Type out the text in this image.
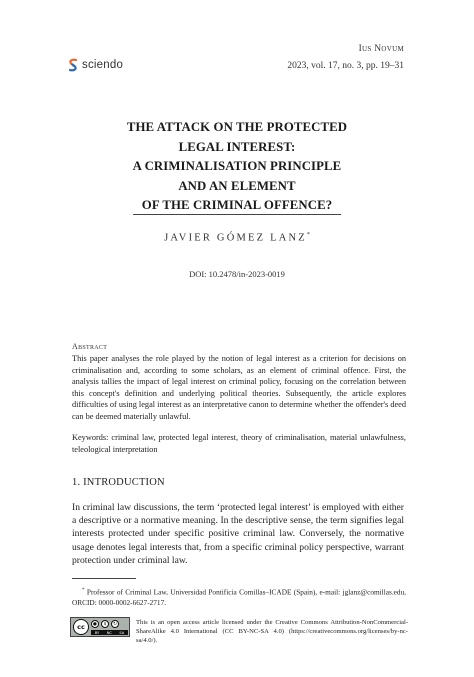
sciendo
Ius Novum
2023, vol. 17, no. 3, pp. 19–31
THE ATTACK ON THE PROTECTED
LEGAL INTEREST:
A CRIMINALISATION PRINCIPLE
AND AN ELEMENT
OF THE CRIMINAL OFFENCE?
JAVIER GÓMEZ LANZ*
DOI: 10.2478/in-2023-0019
Abstract
This paper analyses the role played by the notion of legal interest as a criterion for decisions on criminalisation and, according to some scholars, as an element of criminal offence. First, the analysis tallies the impact of legal interest on criminal policy, focusing on the correlation between this concept's definition and underlying political theories. Subsequently, the article explores difficulties of using legal interest as an interpretative canon to determine whether the offender's deed can be deemed materially unlawful.
Keywords: criminal law, protected legal interest, theory of criminalisation, material unlawfulness, teleological interpretation
1. INTRODUCTION
In criminal law discussions, the term ‘protected legal interest’ is employed with either a descriptive or a normative meaning. In the descriptive sense, the term signifies legal interests protected under specific positive criminal law. Conversely, the normative usage denotes legal interests that, from a specific criminal policy perspective, warrant protection under criminal law.
* Professor of Criminal Law, Universidad Pontificia Comillas–ICADE (Spain), e-mail: jglanz@comillas.edu, ORCID: 0000-0002-6627-2717.
cc	●	$	↻
BY NC SA
This is an open access article licensed under the Creative Commons Attribution-NonCommercial-ShareAlike 4.0 International (CC BY-NC-SA 4.0) (https://creativecommons.org/licenses/by-nc-sa/4.0/).
